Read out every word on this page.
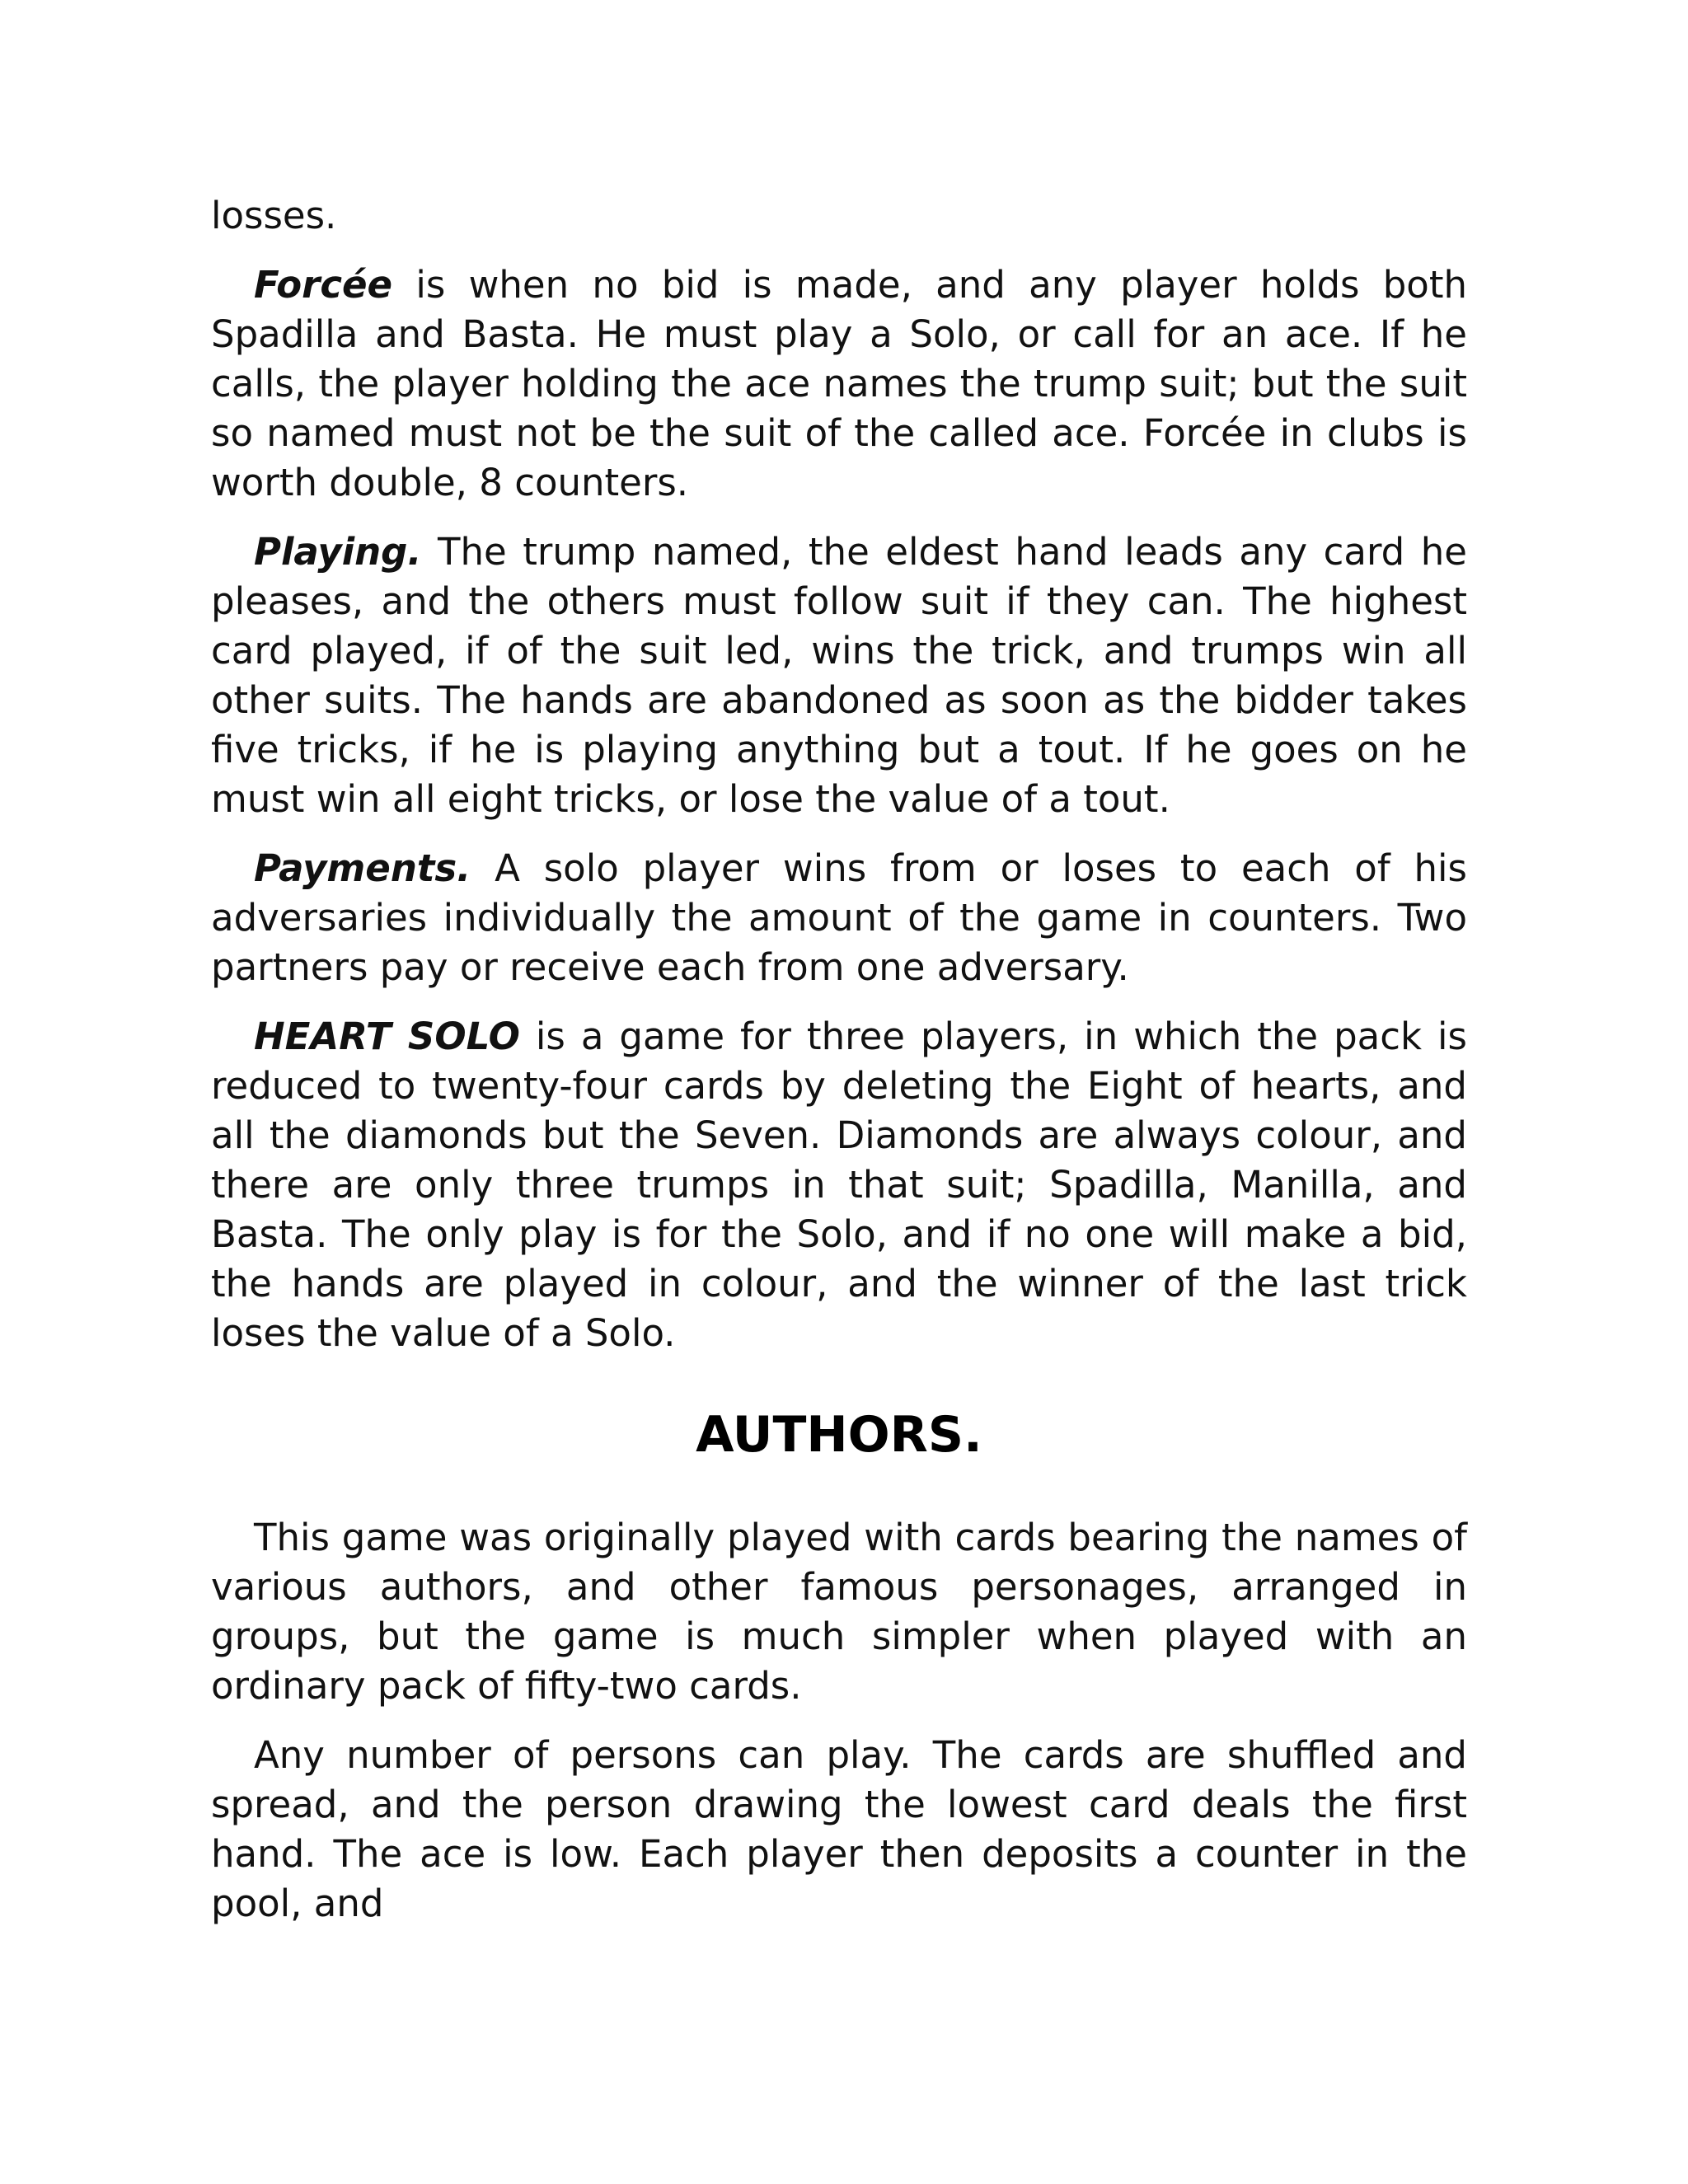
losses.

Forcée is when no bid is made, and any player holds both Spadilla and Basta. He must play a Solo, or call for an ace. If he calls, the player holding the ace names the trump suit; but the suit so named must not be the suit of the called ace. Forcée in clubs is worth double, 8 counters.

Playing. The trump named, the eldest hand leads any card he pleases, and the others must follow suit if they can. The highest card played, if of the suit led, wins the trick, and trumps win all other suits. The hands are abandoned as soon as the bidder takes five tricks, if he is playing anything but a tout. If he goes on he must win all eight tricks, or lose the value of a tout.

Payments. A solo player wins from or loses to each of his adversaries individually the amount of the game in counters. Two partners pay or receive each from one adversary.

HEART SOLO is a game for three players, in which the pack is reduced to twenty-four cards by deleting the Eight of hearts, and all the diamonds but the Seven. Diamonds are always colour, and there are only three trumps in that suit; Spadilla, Manilla, and Basta. The only play is for the Solo, and if no one will make a bid, the hands are played in colour, and the winner of the last trick loses the value of a Solo.

AUTHORS.

This game was originally played with cards bearing the names of various authors, and other famous personages, arranged in groups, but the game is much simpler when played with an ordinary pack of fifty-two cards.

Any number of persons can play. The cards are shuffled and spread, and the person drawing the lowest card deals the first hand. The ace is low. Each player then deposits a counter in the pool, and
